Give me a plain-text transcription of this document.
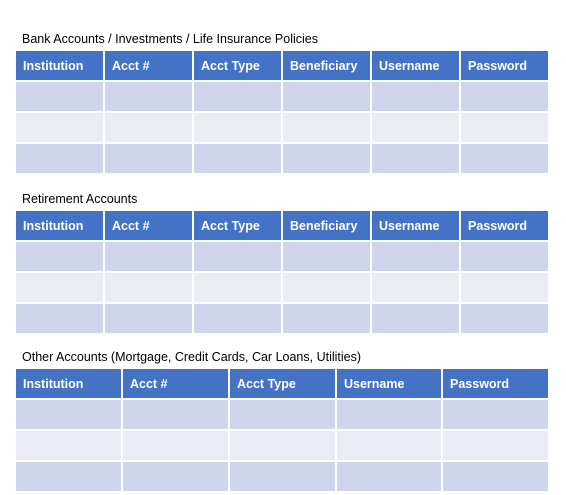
Bank Accounts / Investments / Life Insurance Policies
Institution	Acct #	Acct Type	Beneficiary	Username	Password

Retirement Accounts
Institution	Acct #	Acct Type	Beneficiary	Username	Password

Other Accounts (Mortgage, Credit Cards, Car Loans, Utilities)
Institution	Acct #	Acct Type	Username	Password
